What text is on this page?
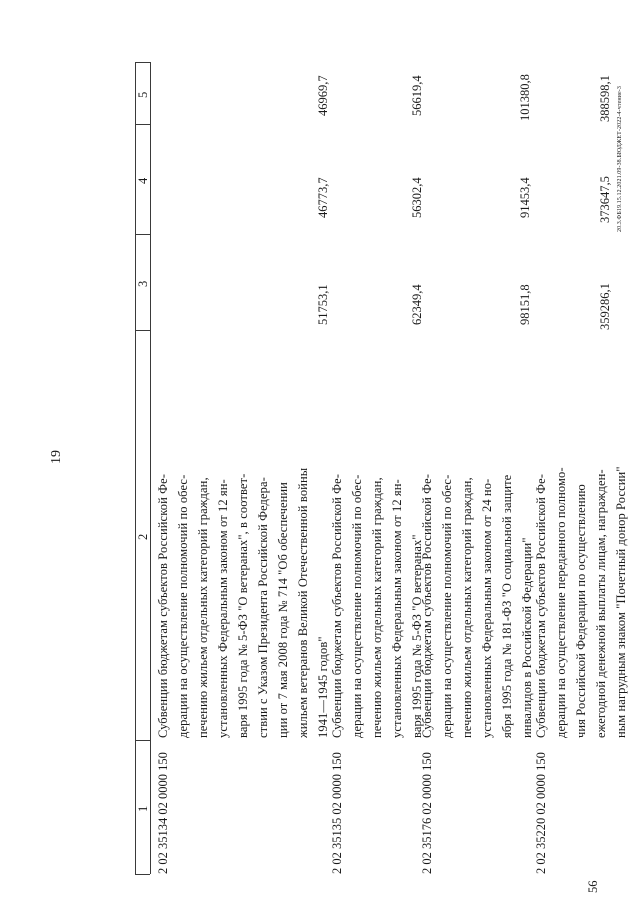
5
4
3
2
1 2 02 35134 02 0000 150
Субвенции бюджетам субъектов Российской Фе- дерации на осуществление полномочий по обес- печению жильем отдельных категорий граждан, установленных Федеральным законом от 12 ян- варя 1995 года № 5-ФЗ "О ветеранах", в соответ- ствии с Указом Президента Российской Федера- ции от 7 мая 2008 года № 714 "Об обеспечении жильем ветеранов Великой Отечественной войны 1941—1945 годов"
51753,1
46773,7
46969,7
2 02 35135 02 0000 150
Субвенции бюджетам субъектов Российской Фе- дерации на осуществление полномочий по обес- печению жильем отдельных категорий граждан, установленных Федеральным законом от 12 ян- варя 1995 года № 5-ФЗ "О ветеранах"
62349,4
56302,4
56619,4
2 02 35176 02 0000 150
Субвенции бюджетам субъектов Российской Фе- дерации на осуществление полномочий по обес- печению жильем отдельных категорий граждан, установленных Федеральным законом от 24 но- ября 1995 года № 181-ФЗ "О социальной защите инвалидов в Российской Федерации"
98151,8
91453,4
101380,8
2 02 35220 02 0000 150
Субвенции бюджетам субъектов Российской Фе- дерации на осуществление переданного полномо- чия Российской Федерации по осуществлению ежегодной денежной выплаты лицам, награжден- ным нагрудным знаком "Почетный донор России"
359286,1
373647,5
388598,1
19
56
20.3.ФБ19.15.12.2021.09-38.БЮДЖЕТ-2022-4-чтение-3
